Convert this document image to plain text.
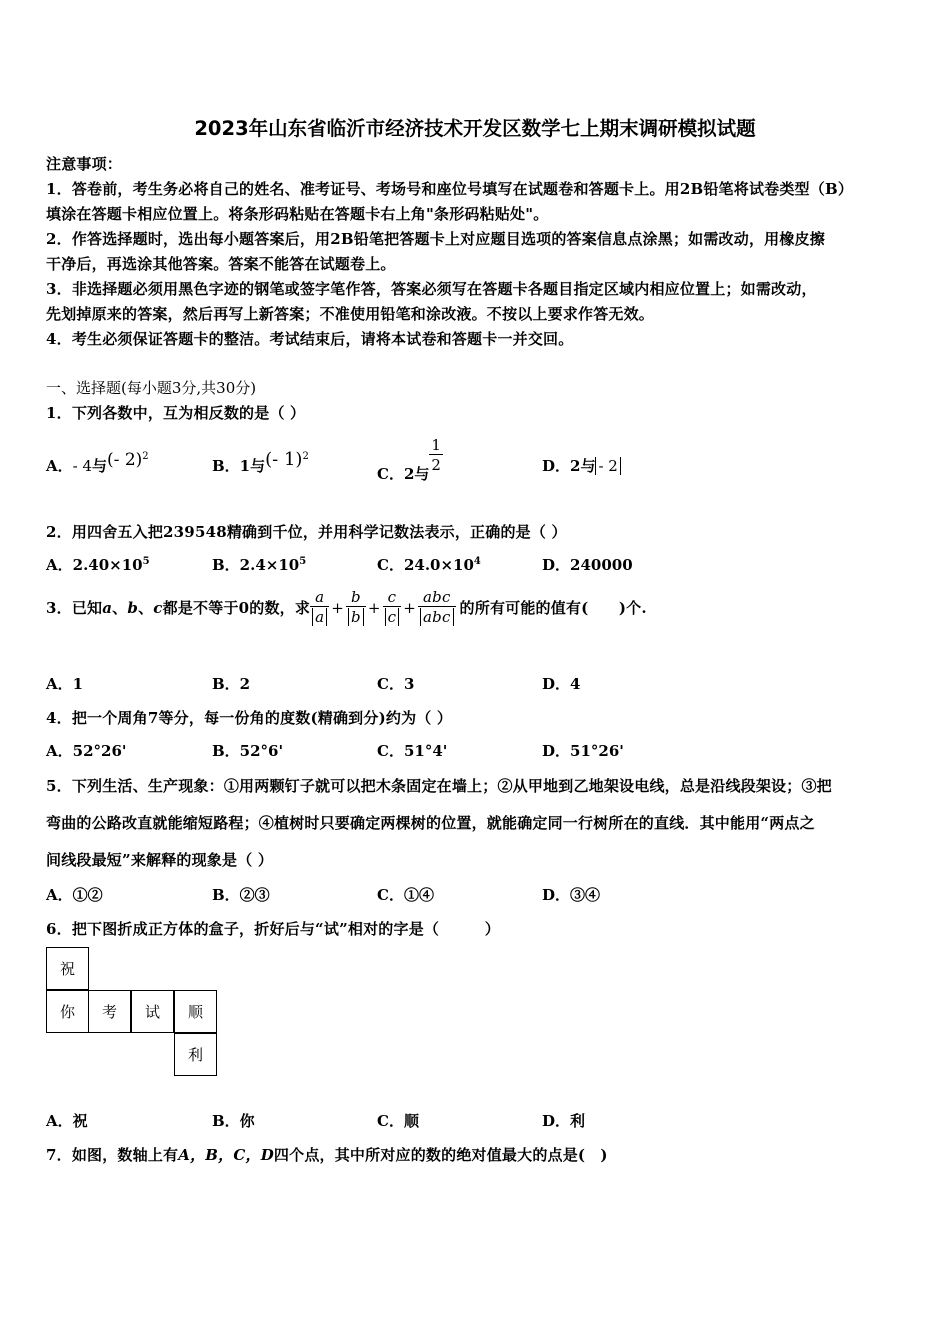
2023年山东省临沂市经济技术开发区数学七上期末调研模拟试题
注意事项：
1．答卷前，考生务必将自己的姓名、准考证号、考场号和座位号填写在试题卷和答题卡上。用2B铅笔将试卷类型（B）
填涂在答题卡相应位置上。将条形码粘贴在答题卡右上角"条形码粘贴处"。
2．作答选择题时，选出每小题答案后，用2B铅笔把答题卡上对应题目选项的答案信息点涂黑；如需改动，用橡皮擦
干净后，再选涂其他答案。答案不能答在试题卷上。
3．非选择题必须用黑色字迹的钢笔或签字笔作答，答案必须写在答题卡各题目指定区域内相应位置上；如需改动，
先划掉原来的答案，然后再写上新答案；不准使用铅笔和涂改液。不按以上要求作答无效。
4．考生必须保证答题卡的整洁。考试结束后，请将本试卷和答题卡一并交回。
一、选择题(每小题3分,共30分)
1．下列各数中，互为相反数的是（ ）
A．- 4与(- 2)$^2$
B．1与(- 1)$^2$
C．2与 $\frac{1}{2}$	D．2与 - 2
2．用四舍五入把239548精确到千位，并用科学记数法表示，正确的是（ ）
A．$2.40\times 10^5$	B．$2.4\times 10^5$	C．$24.0\times 10^4$	D．240000
3．已知 a 、 b 、 c 都是不等于0的数，求 $\frac{a}{a} + \frac{b}{b} + \frac{c}{c} + \frac{\text{abc}}{\text{abc}}$ 的所有可能的值有(　　)个.
A．1	B．2	C．3	D．4
4．把一个周角7等分，每一份角的度数(精确到分)约为（ ）
A．52°26'	B．52°6'	C．51°4'	D．51°26'
5．下列生活、生产现象：①用两颗钉子就可以把木条固定在墙上；②从甲地到乙地架设电线，总是沿线段架设；③把
弯曲的公路改直就能缩短路程；④植树时只要确定两棵树的位置，就能确定同一行树所在的直线．其中能用“两点之
间线段最短”来解释的现象是（ ）
A．①②	B．②③	C．①④	D．③④
6．把下图折成正方体的盒子，折好后与“试”相对的字是（　　　）
祝
你	考	试	顺
利
A．祝	B．你	C．顺	D．利
7．如图，数轴上有A，B，C，D四个点，其中所对应的数的绝对值最大的点是(　)
